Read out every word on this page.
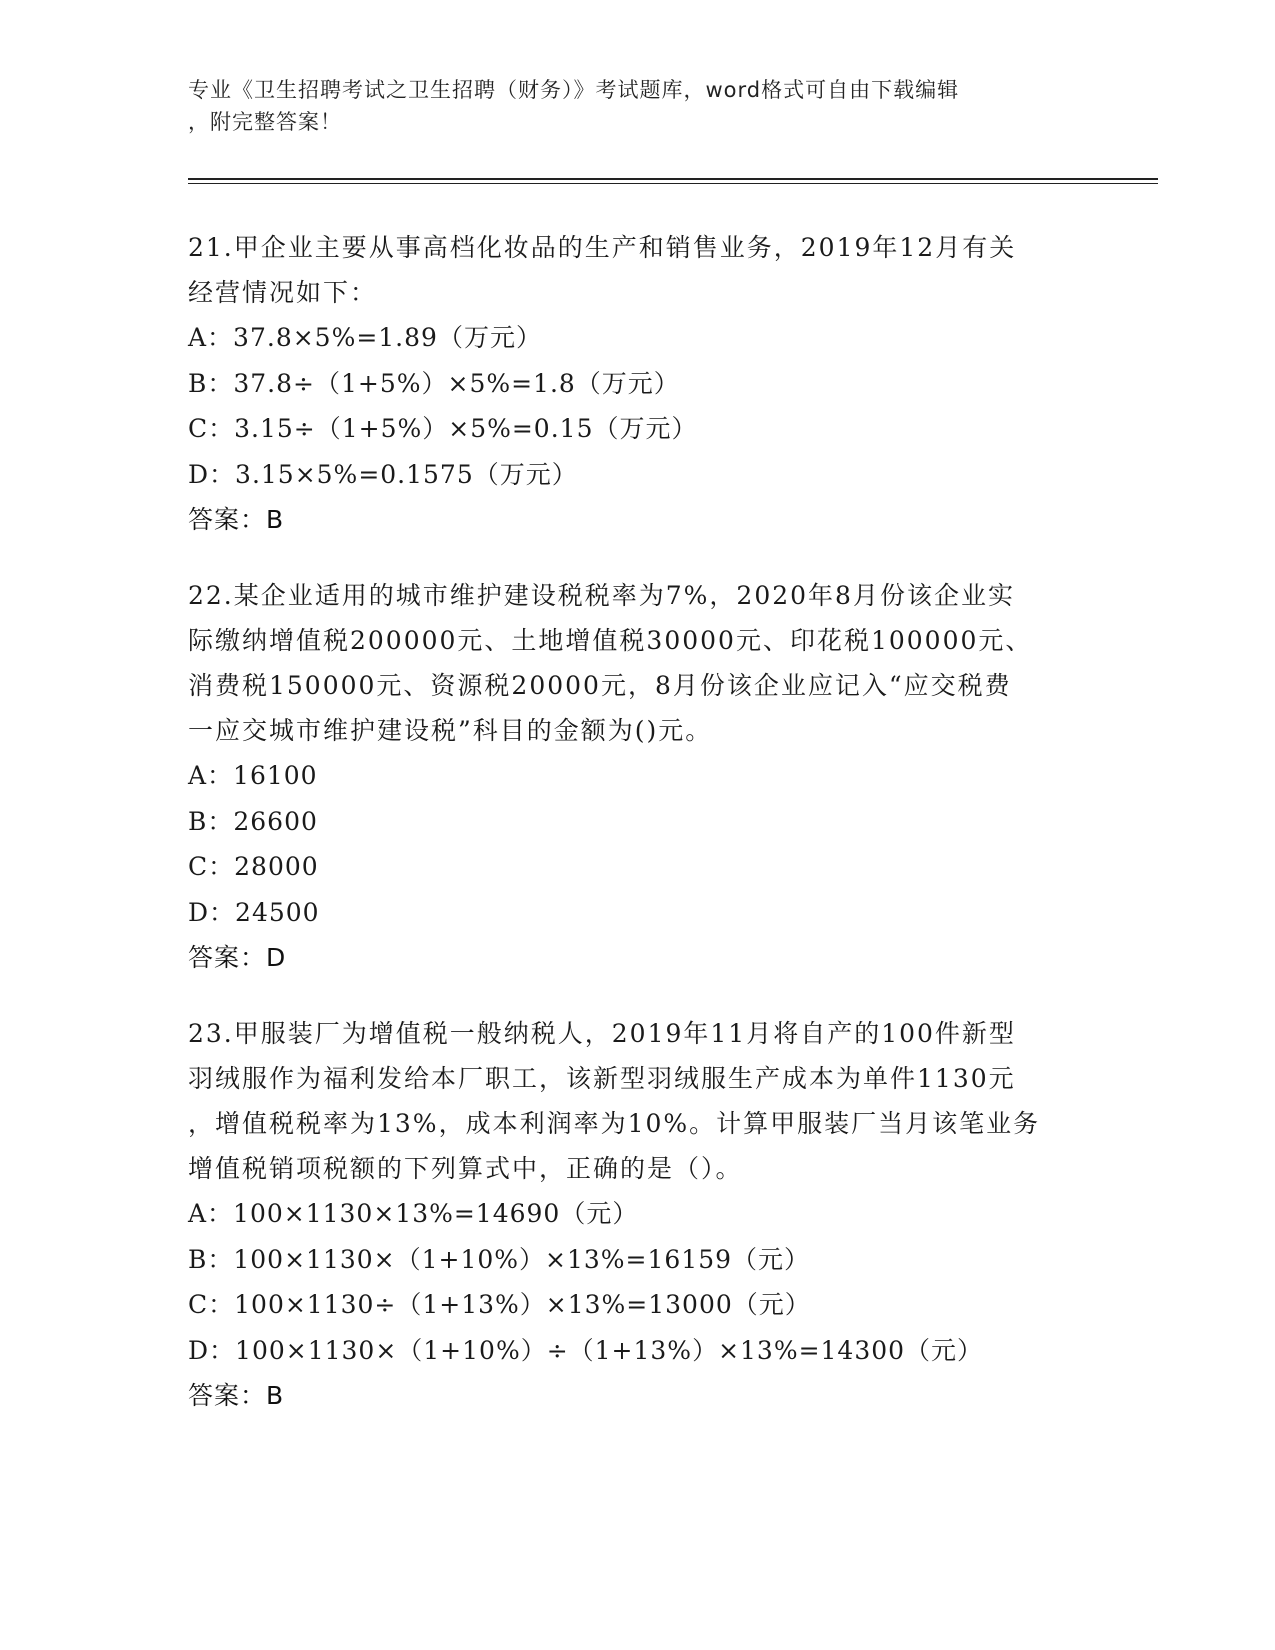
专业《卫生招聘考试之卫生招聘（财务）》考试题库，word格式可自由下载编辑

，附完整答案！

21.甲企业主要从事高档化妆品的生产和销售业务，2019年12月有关

经营情况如下：

A：37.8×5%=1.89（万元）

B：37.8÷（1+5%）×5%=1.8（万元）

C：3.15÷（1+5%）×5%=0.15（万元）

D：3.15×5%=0.1575（万元）

答案：B

22.某企业适用的城市维护建设税税率为7%，2020年8月份该企业实

际缴纳增值税200000元、土地增值税30000元、印花税100000元、

消费税150000元、资源税20000元，8月份该企业应记入“应交税费

一应交城市维护建设税”科目的金额为()元。

A：16100

B：26600

C：28000

D：24500

答案：D

23.甲服装厂为增值税一般纳税人，2019年11月将自产的100件新型

羽绒服作为福利发给本厂职工，该新型羽绒服生产成本为单件1130元

，增值税税率为13%，成本利润率为10%。计算甲服装厂当月该笔业务

增值税销项税额的下列算式中，正确的是（）。

A：100×1130×13%=14690（元）

B：100×1130×（1+10%）×13%=16159（元）

C：100×1130÷（1+13%）×13%=13000（元）

D：100×1130×（1+10%）÷（1+13%）×13%=14300（元）

答案：B
